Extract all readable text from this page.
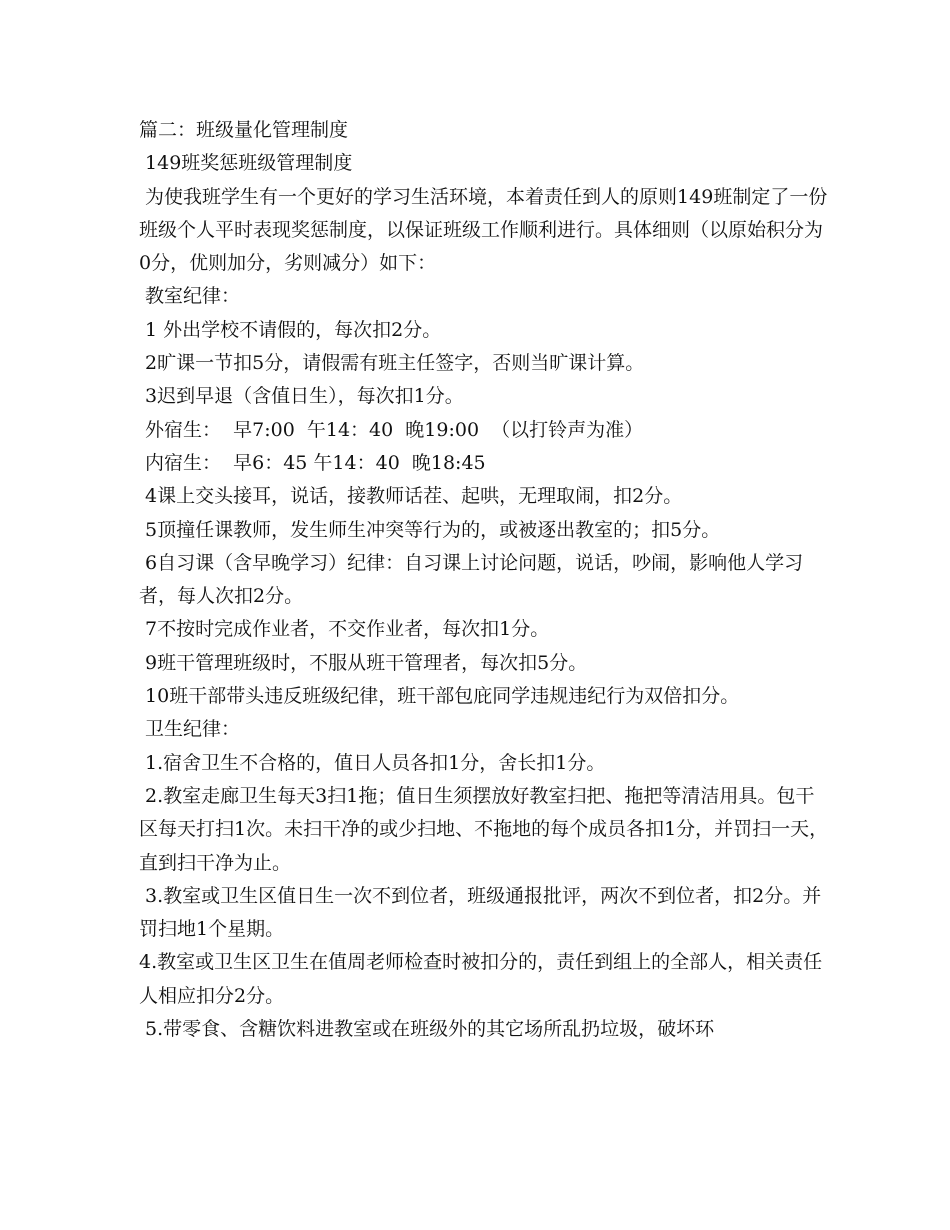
篇二：班级量化管理制度

149班奖惩班级管理制度

为使我班学生有一个更好的学习生活环境，本着责任到人的原则149班制定了一份班级个人平时表现奖惩制度，以保证班级工作顺利进行。具体细则（以原始积分为0分，优则加分，劣则减分）如下：

教室纪律：

1 外出学校不请假的，每次扣2分。

2旷课一节扣5分，请假需有班主任签字，否则当旷课计算。

3迟到早退（含值日生），每次扣1分。

外宿生：  早7:00  午14：40  晚19:00  （以打铃声为准）

内宿生：  早6：45 午14：40  晚18:45

4课上交头接耳，说话，接教师话茬、起哄，无理取闹，扣2分。

5顶撞任课教师，发生师生冲突等行为的，或被逐出教室的；扣5分。

6自习课（含早晚学习）纪律：自习课上讨论问题，说话，吵闹，影响他人学习者，每人次扣2分。

7不按时完成作业者，不交作业者，每次扣1分。

9班干管理班级时，不服从班干管理者，每次扣5分。

10班干部带头违反班级纪律，班干部包庇同学违规违纪行为双倍扣分。

卫生纪律：

1.宿舍卫生不合格的，值日人员各扣1分，舍长扣1分。

2.教室走廊卫生每天3扫1拖；值日生须摆放好教室扫把、拖把等清洁用具。包干区每天打扫1次。未扫干净的或少扫地、不拖地的每个成员各扣1分，并罚扫一天，直到扫干净为止。

3.教室或卫生区值日生一次不到位者，班级通报批评，两次不到位者，扣2分。并罚扫地1个星期。

4.教室或卫生区卫生在值周老师检查时被扣分的，责任到组上的全部人，相关责任人相应扣分2分。

5.带零食、含糖饮料进教室或在班级外的其它场所乱扔垃圾，破坏环
